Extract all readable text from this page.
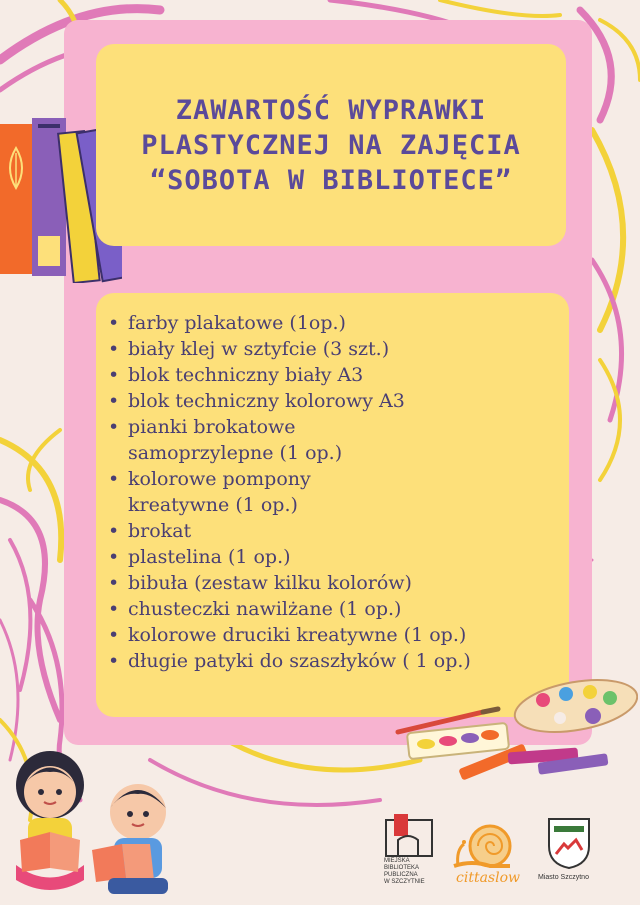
ZAWARTOŚĆ WYPRAWKI
PLASTYCZNEJ NA ZAJĘCIA
“SOBOTA W BIBLIOTECE”
• farby plakatowe (1op.)
• biały klej w sztyfcie (3 szt.)
• blok techniczny biały A3
• blok techniczny kolorowy A3
• pianki brokatowe
samoprzylepne (1 op.)
• kolorowe pompony
kreatywne (1 op.)
• brokat
• plastelina (1 op.)
• bibuła (zestaw kilku kolorów)
• chusteczki nawilżane (1 op.)
• kolorowe druciki kreatywne (1 op.)
• długie patyki do szaszłyków ( 1 op.)
MIEJSKA
BIBLIOTEKA
PUBLICZNA
W SZCZYTNIE cittaslow	Miasto Szczytno
